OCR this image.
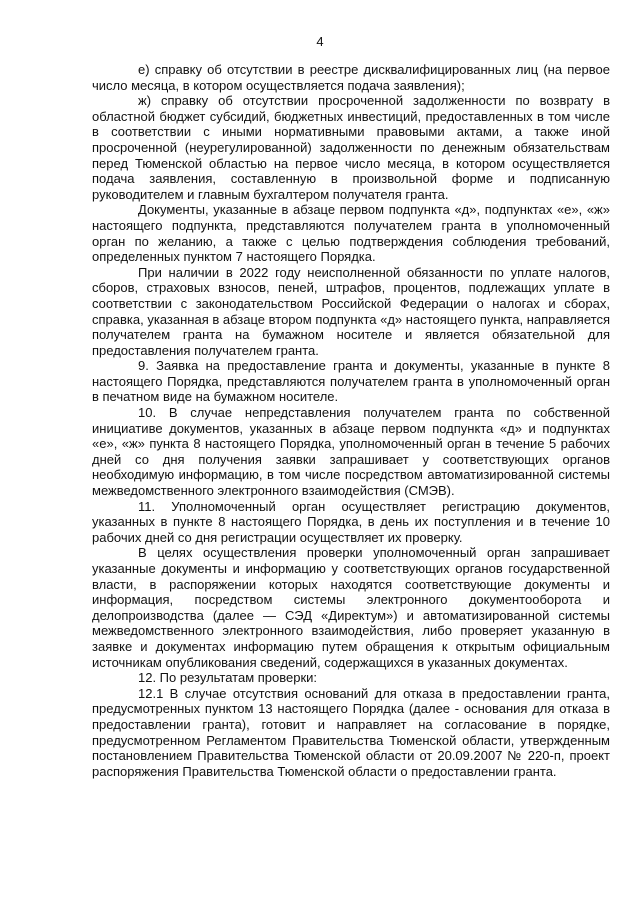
4

е) справку об отсутствии в реестре дисквалифицированных лиц (на первое число месяца, в котором осуществляется подача заявления);

ж) справку об отсутствии просроченной задолженности по возврату в областной бюджет субсидий, бюджетных инвестиций, предоставленных в том числе в соответствии с иными нормативными правовыми актами, а также иной просроченной (неурегулированной) задолженности по денежным обязательствам перед Тюменской областью на первое число месяца, в котором осуществляется подача заявления, составленную в произвольной форме и подписанную руководителем и главным бухгалтером получателя гранта.

Документы, указанные в абзаце первом подпункта «д», подпунктах «е», «ж» настоящего подпункта, представляются получателем гранта в уполномоченный орган по желанию, а также с целью подтверждения соблюдения требований, определенных пунктом 7 настоящего Порядка.

При наличии в 2022 году неисполненной обязанности по уплате налогов, сборов, страховых взносов, пеней, штрафов, процентов, подлежащих уплате в соответствии с законодательством Российской Федерации о налогах и сборах, справка, указанная в абзаце втором подпункта «д» настоящего пункта, направляется получателем гранта на бумажном носителе и является обязательной для предоставления получателем гранта.

9. Заявка на предоставление гранта и документы, указанные в пункте 8 настоящего Порядка, представляются получателем гранта в уполномоченный орган в печатном виде на бумажном носителе.

10. В случае непредставления получателем гранта по собственной инициативе документов, указанных в абзаце первом подпункта «д» и подпунктах «е», «ж» пункта 8 настоящего Порядка, уполномоченный орган в течение 5 рабочих дней со дня получения заявки запрашивает у соответствующих органов необходимую информацию, в том числе посредством автоматизированной системы межведомственного электронного взаимодействия (СМЭВ).

11. Уполномоченный орган осуществляет регистрацию документов, указанных в пункте 8 настоящего Порядка, в день их поступления и в течение 10 рабочих дней со дня регистрации осуществляет их проверку.

В целях осуществления проверки уполномоченный орган запрашивает указанные документы и информацию у соответствующих органов государственной власти, в распоряжении которых находятся соответствующие документы и информация, посредством системы электронного документооборота и делопроизводства (далее — СЭД «Директум») и автоматизированной системы межведомственного электронного взаимодействия, либо проверяет указанную в заявке и документах информацию путем обращения к открытым официальным источникам опубликования сведений, содержащихся в указанных документах.

12. По результатам проверки:

12.1 В случае отсутствия оснований для отказа в предоставлении гранта, предусмотренных пунктом 13 настоящего Порядка (далее - основания для отказа в предоставлении гранта), готовит и направляет на согласование в порядке, предусмотренном Регламентом Правительства Тюменской области, утвержденным постановлением Правительства Тюменской области от 20.09.2007 № 220-п, проект распоряжения Правительства Тюменской области о предоставлении гранта.
